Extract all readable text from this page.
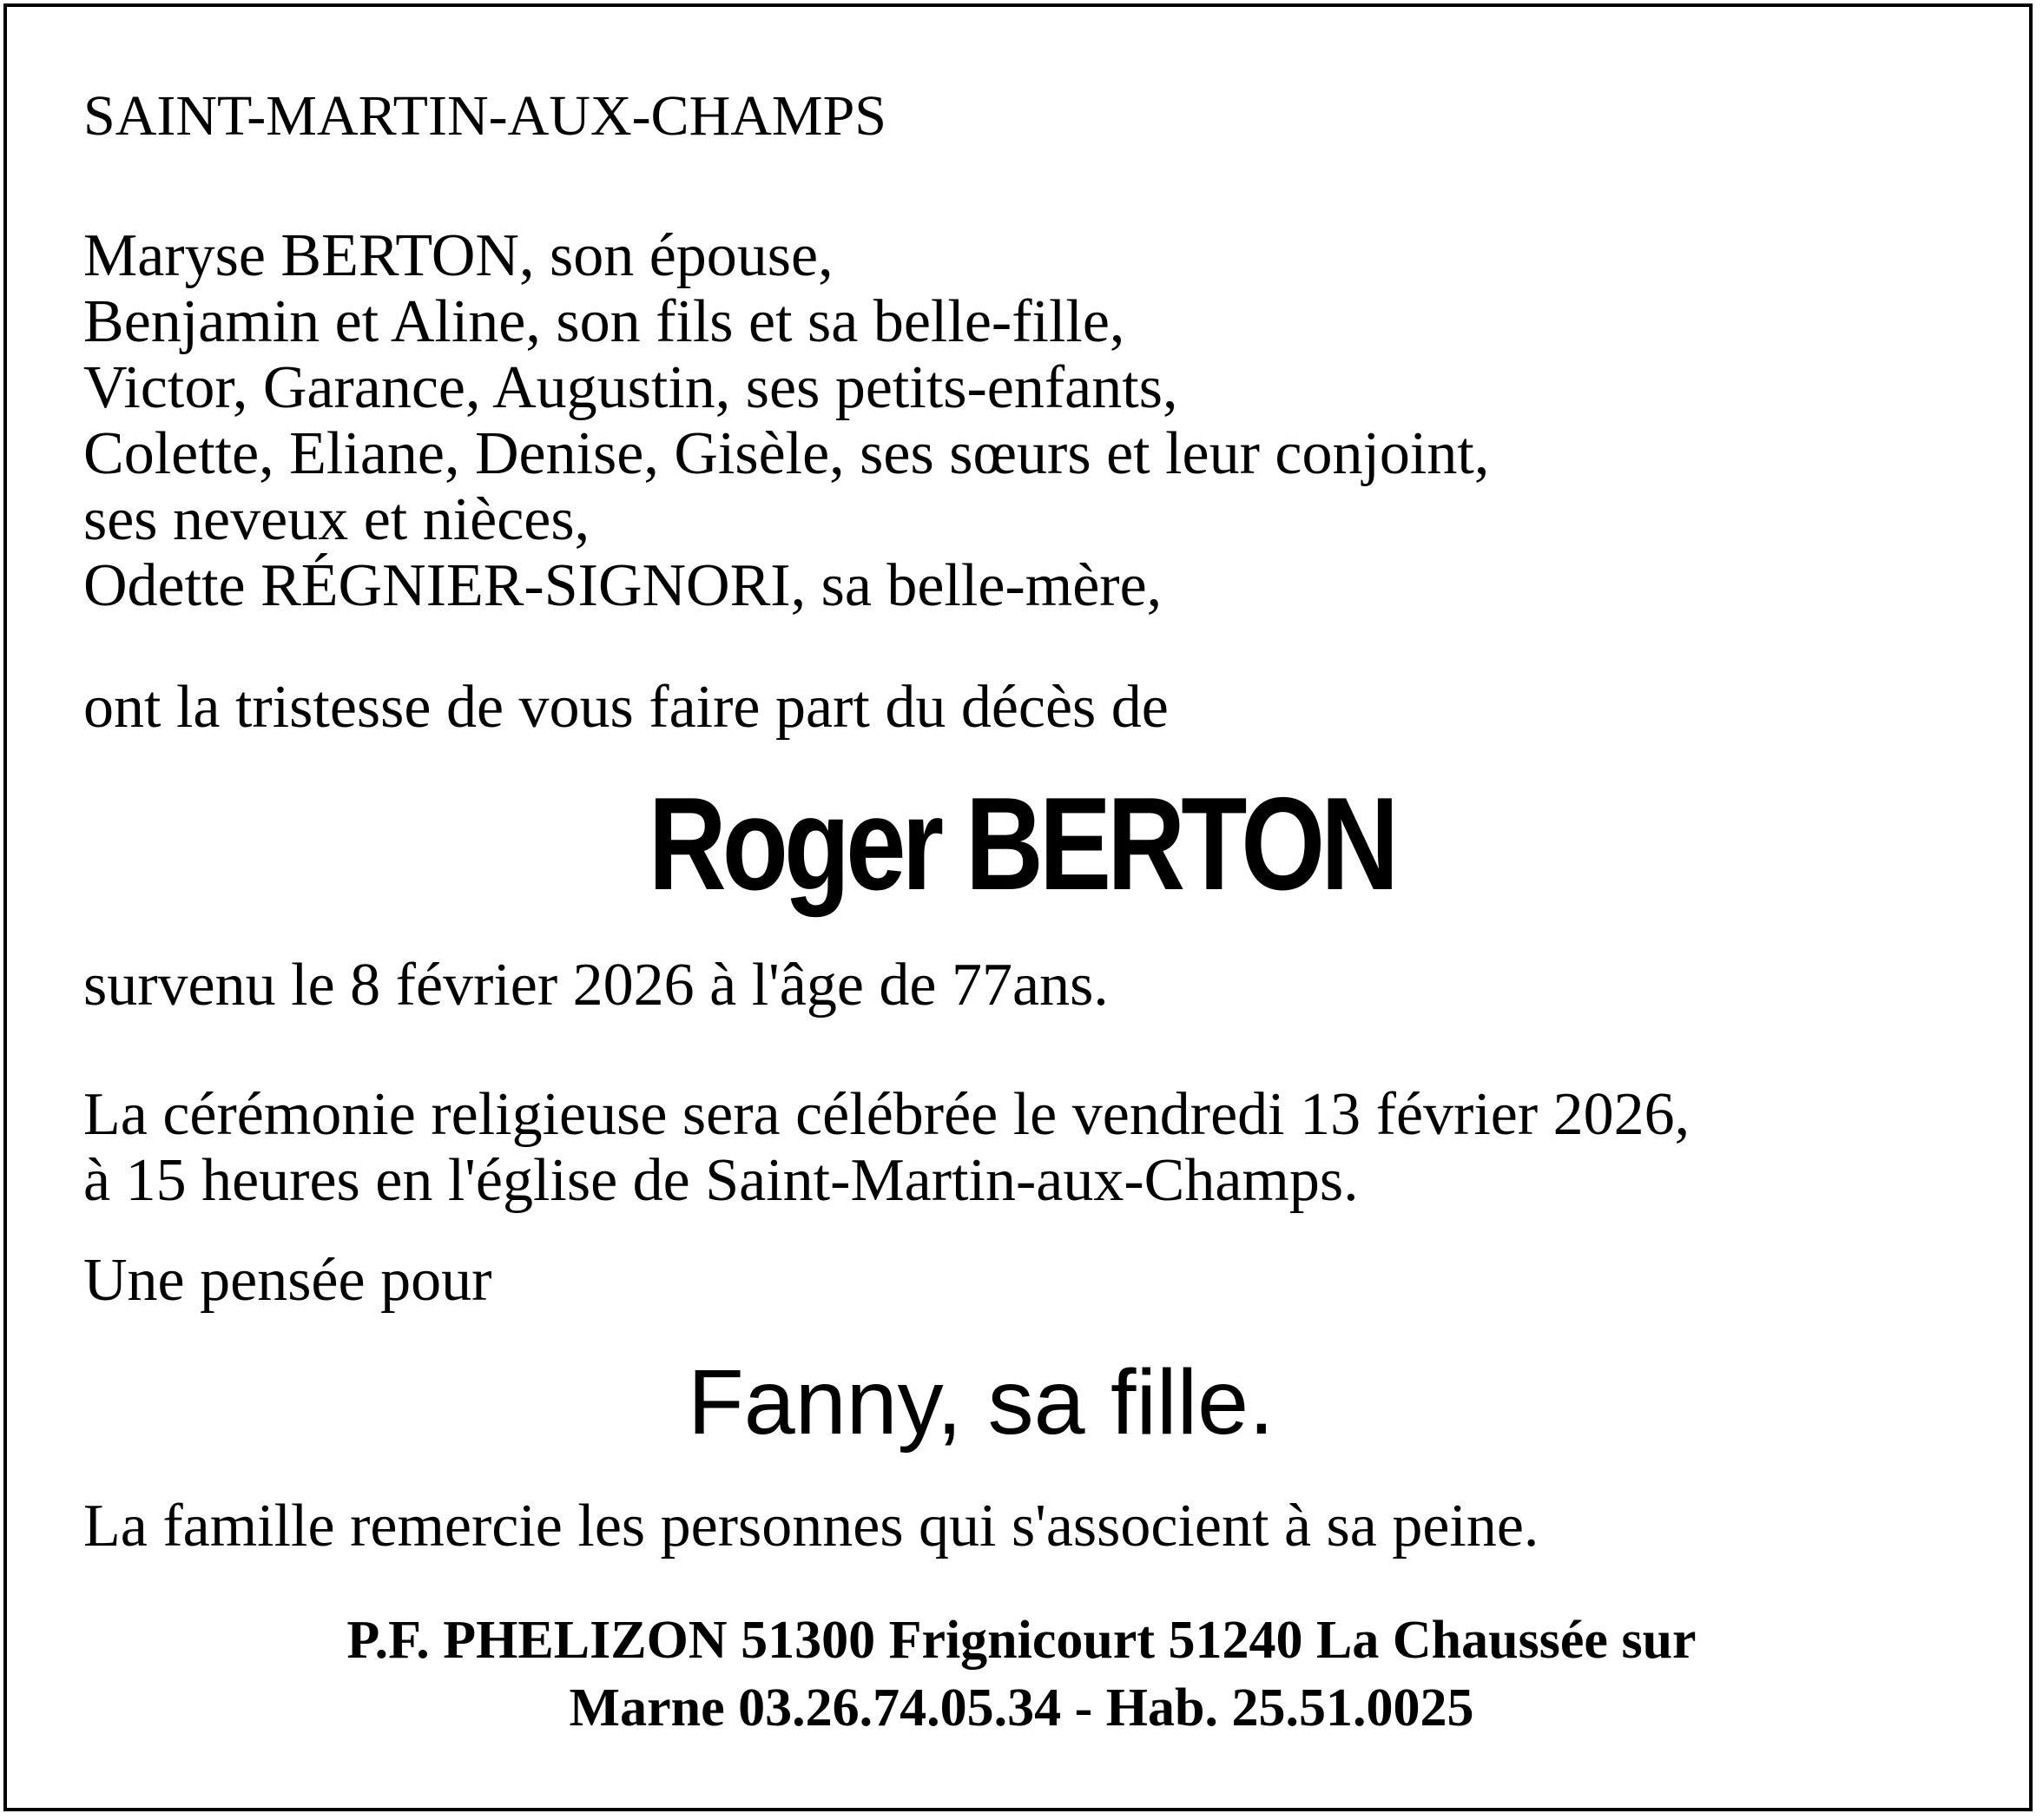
SAINT-MARTIN-AUX-CHAMPS

Maryse BERTON, son épouse,
Benjamin et Aline, son fils et sa belle-fille,
Victor, Garance, Augustin, ses petits-enfants,
Colette, Eliane, Denise, Gisèle, ses sœurs et leur conjoint,
ses neveux et nièces,
Odette RÉGNIER-SIGNORI, sa belle-mère,

ont la tristesse de vous faire part du décès de

Roger BERTON

survenu le 8 février 2026 à l'âge de 77ans.

La cérémonie religieuse sera célébrée le vendredi 13 février 2026,
à 15 heures en l'église de Saint-Martin-aux-Champs.

Une pensée pour

Fanny, sa fille.

La famille remercie les personnes qui s'associent à sa peine.

P.F. PHELIZON 51300 Frignicourt 51240 La Chaussée sur
Marne 03.26.74.05.34 - Hab. 25.51.0025
